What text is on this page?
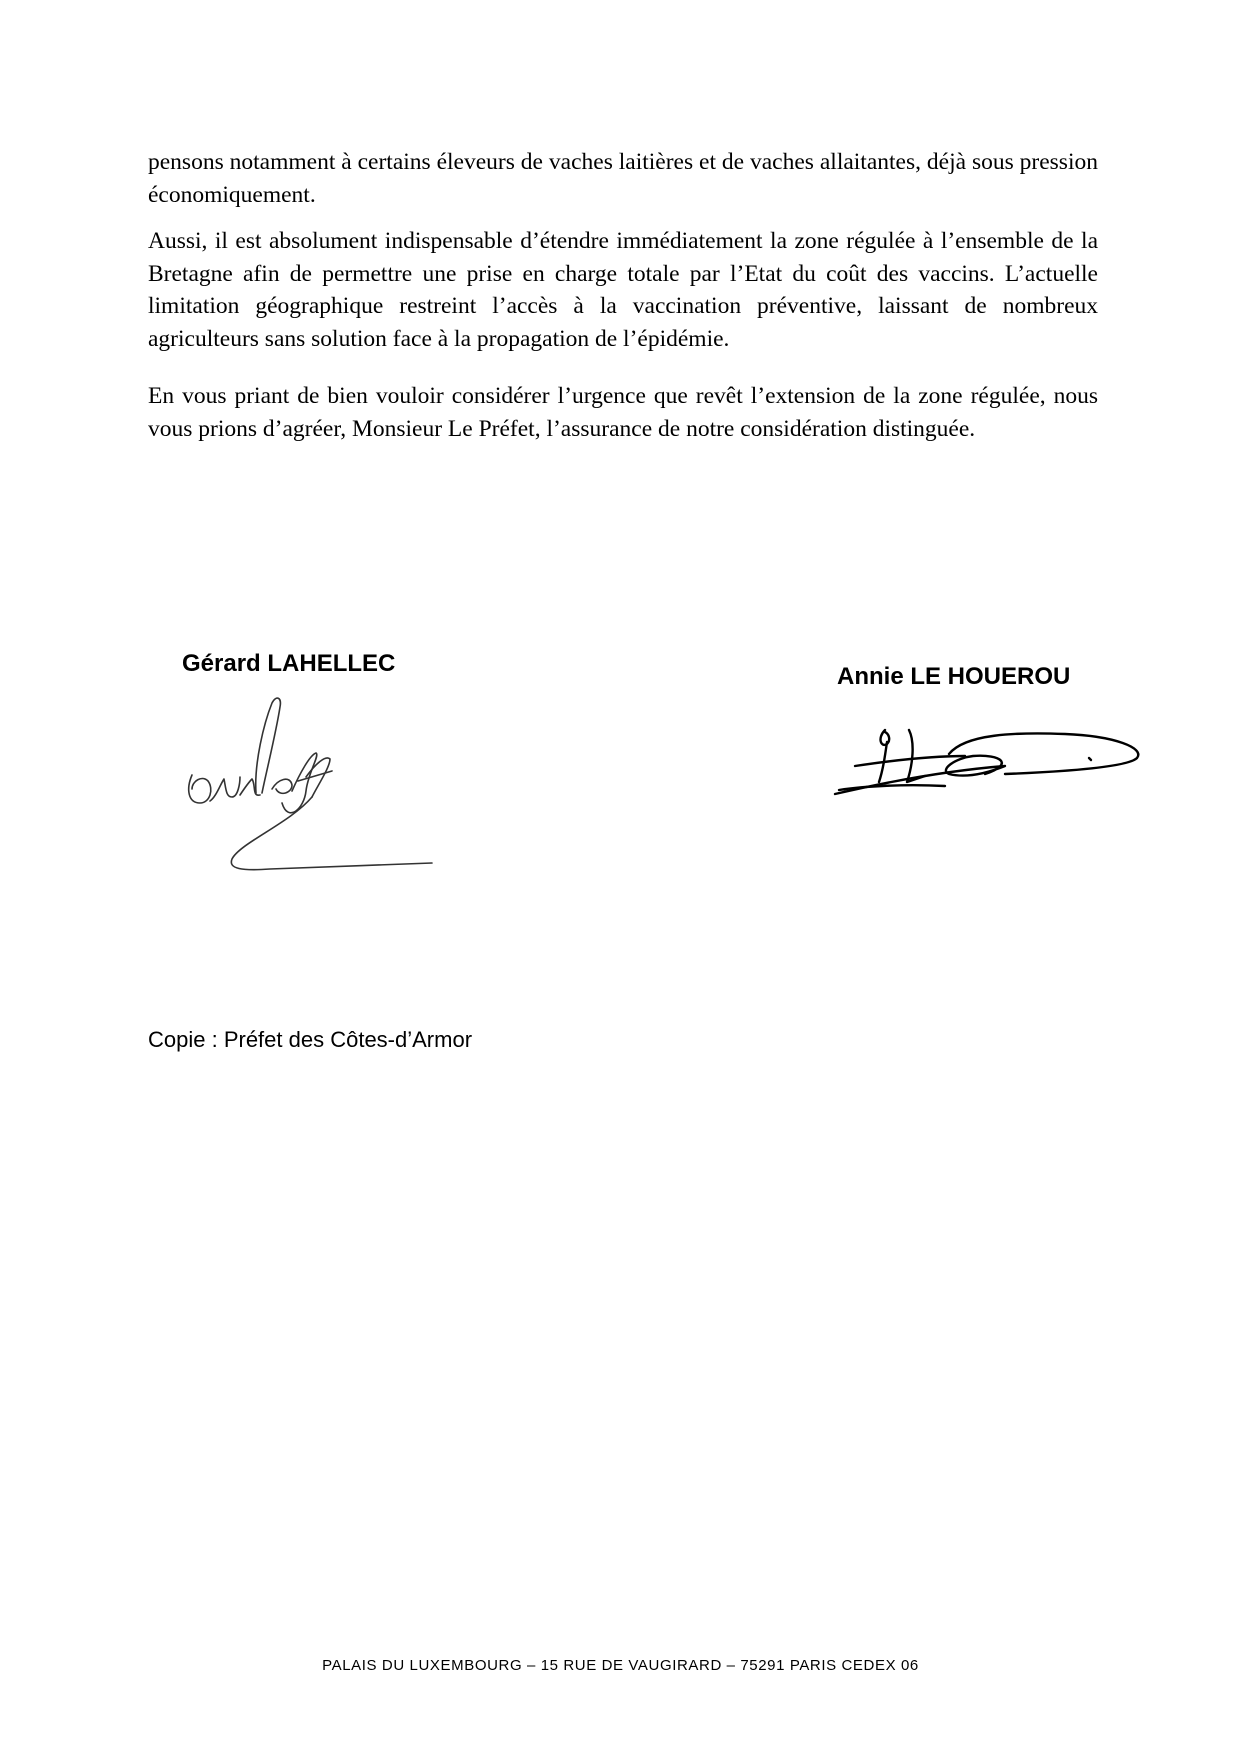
pensons notamment à certains éleveurs de vaches laitières et de vaches allaitantes, déjà sous pression économiquement.

Aussi, il est absolument indispensable d’étendre immédiatement la zone régulée à l’ensemble de la Bretagne afin de permettre une prise en charge totale par l’Etat du coût des vaccins. L’actuelle limitation géographique restreint l’accès à la vaccination préventive, laissant de nombreux agriculteurs sans solution face à la propagation de l’épidémie.

En vous priant de bien vouloir considérer l’urgence que revêt l’extension de la zone régulée, nous vous prions d’agréer, Monsieur Le Préfet, l’assurance de notre considération distinguée.

Gérard LAHELLEC	Annie LE HOUEROU

Copie : Préfet des Côtes-d’Armor

PALAIS DU LUXEMBOURG – 15 RUE DE VAUGIRARD – 75291 PARIS CEDEX 06
